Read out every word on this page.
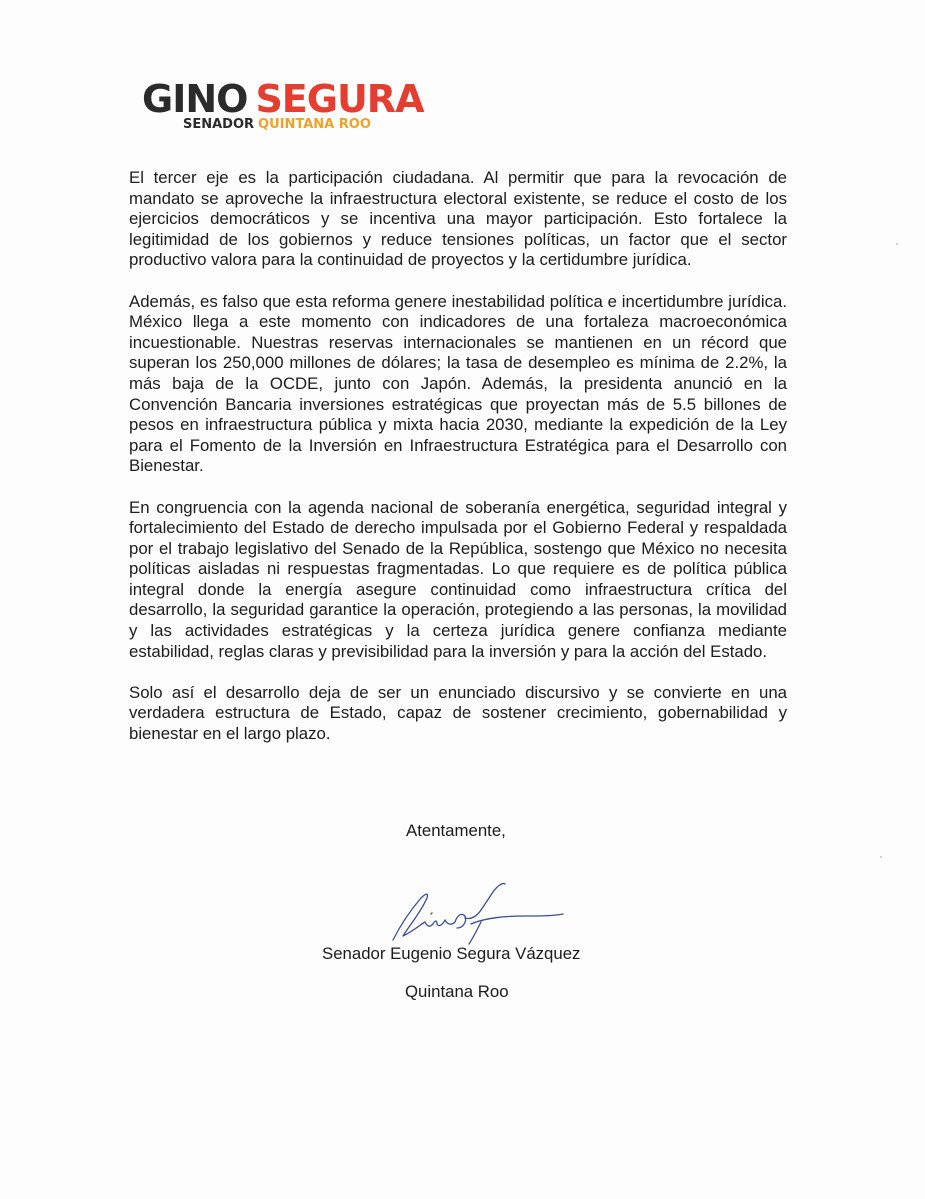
GINO SEGURA
SENADOR QUINTANA ROO

El tercer eje es la participación ciudadana. Al permitir que para la revocación de mandato se aproveche la infraestructura electoral existente, se reduce el costo de los ejercicios democráticos y se incentiva una mayor participación. Esto fortalece la legitimidad de los gobiernos y reduce tensiones políticas, un factor que el sector productivo valora para la continuidad de proyectos y la certidumbre jurídica.

Además, es falso que esta reforma genere inestabilidad política e incertidumbre jurídica. México llega a este momento con indicadores de una fortaleza macroeconómica incuestionable. Nuestras reservas internacionales se mantienen en un récord que superan los 250,000 millones de dólares; la tasa de desempleo es mínima de 2.2%, la más baja de la OCDE, junto con Japón. Además, la presidenta anunció en la Convención Bancaria inversiones estratégicas que proyectan más de 5.5 billones de pesos en infraestructura pública y mixta hacia 2030, mediante la expedición de la Ley para el Fomento de la Inversión en Infraestructura Estratégica para el Desarrollo con Bienestar.

En congruencia con la agenda nacional de soberanía energética, seguridad integral y fortalecimiento del Estado de derecho impulsada por el Gobierno Federal y respaldada por el trabajo legislativo del Senado de la República, sostengo que México no necesita políticas aisladas ni respuestas fragmentadas. Lo que requiere es de política pública integral donde la energía asegure continuidad como infraestructura crítica del desarrollo, la seguridad garantice la operación, protegiendo a las personas, la movilidad y las actividades estratégicas y la certeza jurídica genere confianza mediante estabilidad, reglas claras y previsibilidad para la inversión y para la acción del Estado.

Solo así el desarrollo deja de ser un enunciado discursivo y se convierte en una verdadera estructura de Estado, capaz de sostener crecimiento, gobernabilidad y bienestar en el largo plazo.

Atentamente,
Senador Eugenio Segura Vázquez
Quintana Roo
